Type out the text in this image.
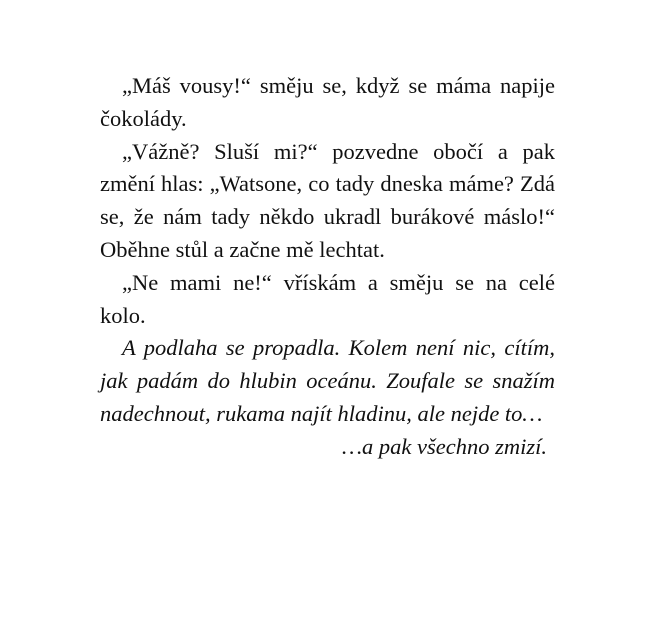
„Máš vousy!“ směju se, když se máma napije čokolády.

„Vážně? Sluší mi?“ pozvedne obočí a pak změní hlas: „Watsone, co tady dneska máme? Zdá se, že nám tady někdo ukradl burákové máslo!“ Oběhne stůl a začne mě lechtat.

„Ne mami ne!“ vřískám a směju se na celé kolo.

A podlaha se propadla. Kolem není nic, cítím, jak padám do hlubin oceánu. Zoufale se snažím nadechnout, rukama najít hladinu, ale nejde to…

…a pak všechno zmizí.
